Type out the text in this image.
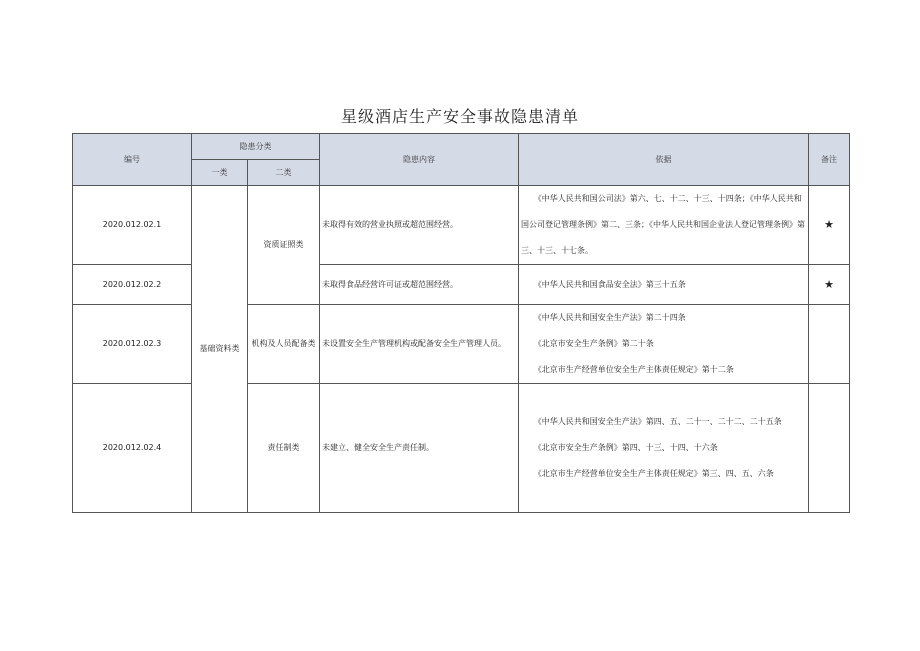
星级酒店生产安全事故隐患清单
编号	隐患分类		隐患内容	依据	备注
	一类	二类			
2020.012.02.1	基础资料类	资质证照类	未取得有效的营业执照或超范围经营。	《中华人民共和国公司法》第六、七、十二、十三、十四条；《中华人民共和国公司登记管理条例》第二、三条；《中华人民共和国企业法人登记管理条例》第三、十三、十七条。	★
2020.012.02.2			未取得食品经营许可证或超范围经营。	《中华人民共和国食品安全法》第三十五条	★
2020.012.02.3		机构及人员配备类	未设置安全生产管理机构或配备安全生产管理人员。	《中华人民共和国安全生产法》第二十四条

《北京市安全生产条例》第二十条

《北京市生产经营单位安全生产主体责任规定》第十二条	

2020.012.02.4		责任制类	未建立、健全安全生产责任制。	《中华人民共和国安全生产法》第四、五、二十一、二十二、二十五条

《北京市安全生产条例》第四、十三、十四、十六条

《北京市生产经营单位安全生产主体责任规定》第三、四、五、六条	
